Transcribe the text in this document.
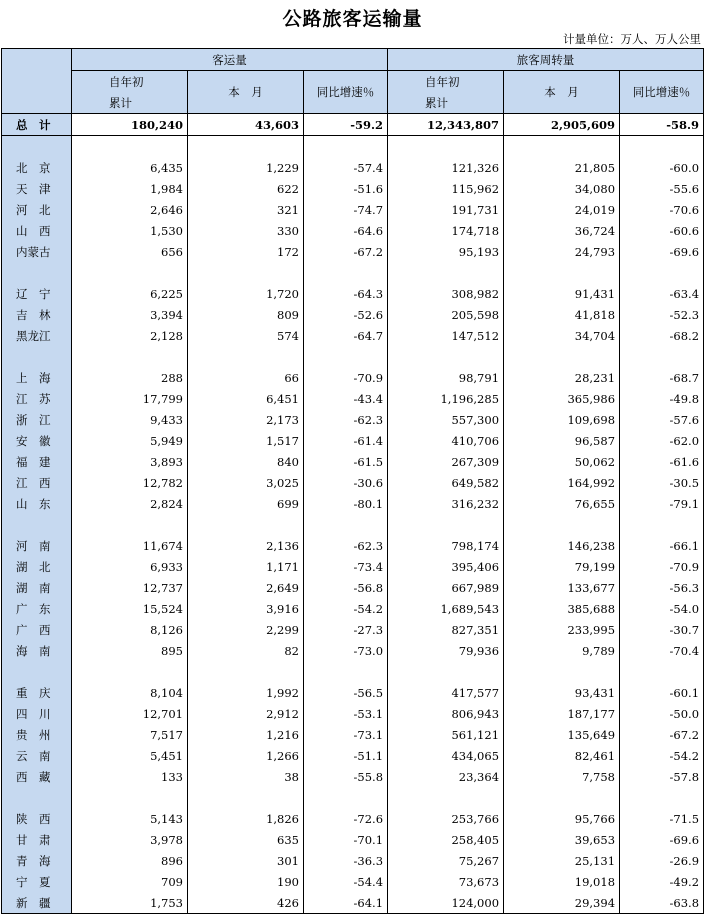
公路旅客运输量
计量单位：万人、万人公里
	客运量			旅客周转量		
	自年初	本　月	同比增速％	自年初	本　月	同比增速％
	累计			累计		
总　计	180,240	43,603	-59.2	12,343,807	2,905,609	-58.9

北　京	6,435	1,229	-57.4	121,326	21,805	-60.0
天　津	1,984	622	-51.6	115,962	34,080	-55.6
河　北	2,646	321	-74.7	191,731	24,019	-70.6
山　西	1,530	330	-64.6	174,718	36,724	-60.6
内蒙古	656	172	-67.2	95,193	24,793	-69.6

辽　宁	6,225	1,720	-64.3	308,982	91,431	-63.4
吉　林	3,394	809	-52.6	205,598	41,818	-52.3
黑龙江	2,128	574	-64.7	147,512	34,704	-68.2

上　海	288	66	-70.9	98,791	28,231	-68.7
江　苏	17,799	6,451	-43.4	1,196,285	365,986	-49.8
浙　江	9,433	2,173	-62.3	557,300	109,698	-57.6
安　徽	5,949	1,517	-61.4	410,706	96,587	-62.0
福　建	3,893	840	-61.5	267,309	50,062	-61.6
江　西	12,782	3,025	-30.6	649,582	164,992	-30.5
山　东	2,824	699	-80.1	316,232	76,655	-79.1

河　南	11,674	2,136	-62.3	798,174	146,238	-66.1
湖　北	6,933	1,171	-73.4	395,406	79,199	-70.9
湖　南	12,737	2,649	-56.8	667,989	133,677	-56.3
广　东	15,524	3,916	-54.2	1,689,543	385,688	-54.0
广　西	8,126	2,299	-27.3	827,351	233,995	-30.7
海　南	895	82	-73.0	79,936	9,789	-70.4

重　庆	8,104	1,992	-56.5	417,577	93,431	-60.1
四　川	12,701	2,912	-53.1	806,943	187,177	-50.0
贵　州	7,517	1,216	-73.1	561,121	135,649	-67.2
云　南	5,451	1,266	-51.1	434,065	82,461	-54.2
西　藏	133	38	-55.8	23,364	7,758	-57.8

陕　西	5,143	1,826	-72.6	253,766	95,766	-71.5
甘　肃	3,978	635	-70.1	258,405	39,653	-69.6
青　海	896	301	-36.3	75,267	25,131	-26.9
宁　夏	709	190	-54.4	73,673	19,018	-49.2
新　疆	1,753	426	-64.1	124,000	29,394	-63.8
